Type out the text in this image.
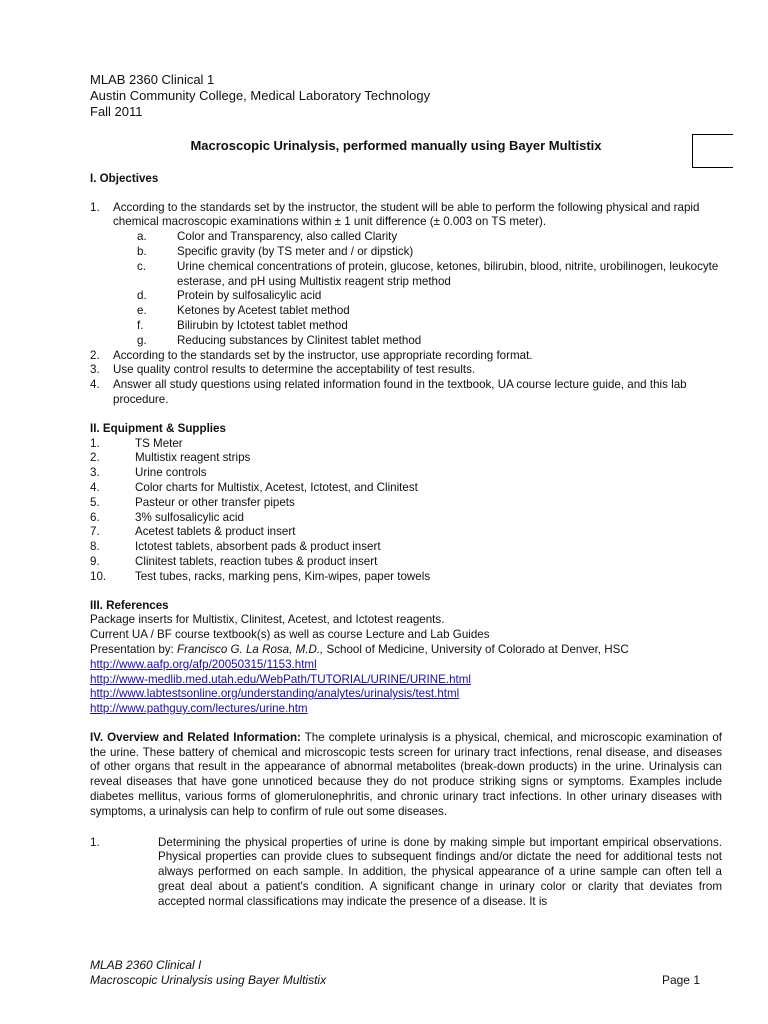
MLAB 2360 Clinical 1
Austin Community College, Medical Laboratory Technology
Fall 2011
Macroscopic Urinalysis, performed manually using Bayer Multistix
I. Objectives
1.	According to the standards set by the instructor, the student will be able to perform the following physical and rapid chemical macroscopic examinations within ± 1 unit difference (± 0.003 on TS meter).
a.	Color and Transparency, also called Clarity
b.	Specific gravity (by TS meter and / or dipstick)
c.	Urine chemical concentrations of protein, glucose, ketones, bilirubin, blood, nitrite, urobilinogen, leukocyte esterase, and pH using Multistix reagent strip method
d.	Protein by sulfosalicylic acid
e.	Ketones by Acetest tablet method
f.	Bilirubin by Ictotest tablet method
g.	Reducing substances by Clinitest tablet method
2.	According to the standards set by the instructor, use appropriate recording format.
3.	Use quality control results to determine the acceptability of test results.
4.	Answer all study questions using related information found in the textbook, UA course lecture guide, and this lab procedure.
II. Equipment & Supplies
1.	TS Meter
2.	Multistix reagent strips
3.	Urine controls
4.	Color charts for Multistix, Acetest, Ictotest, and Clinitest
5.	Pasteur or other transfer pipets
6.	3% sulfosalicylic acid
7.	Acetest tablets & product insert
8.	Ictotest tablets, absorbent pads & product insert
9.	Clinitest tablets, reaction tubes & product insert
10.	Test tubes, racks, marking pens, Kim-wipes, paper towels
III. References
Package inserts for Multistix, Clinitest, Acetest, and Ictotest reagents.
Current UA / BF course textbook(s) as well as course Lecture and Lab Guides
Presentation by: Francisco G. La Rosa, M.D., School of Medicine, University of Colorado at Denver, HSC
http://www.aafp.org/afp/20050315/1153.html
http://www-medlib.med.utah.edu/WebPath/TUTORIAL/URINE/URINE.html
http://www.labtestsonline.org/understanding/analytes/urinalysis/test.html
http://www.pathguy.com/lectures/urine.htm
IV. Overview and Related Information: The complete urinalysis is a physical, chemical, and microscopic examination of the urine. These battery of chemical and microscopic tests screen for urinary tract infections, renal disease, and diseases of other organs that result in the appearance of abnormal metabolites (break-down products) in the urine. Urinalysis can reveal diseases that have gone unnoticed because they do not produce striking signs or symptoms. Examples include diabetes mellitus, various forms of glomerulonephritis, and chronic urinary tract infections. In other urinary diseases with symptoms, a urinalysis can help to confirm of rule out some diseases.
1.	Determining the physical properties of urine is done by making simple but important empirical observations. Physical properties can provide clues to subsequent findings and/or dictate the need for additional tests not always performed on each sample. In addition, the physical appearance of a urine sample can often tell a great deal about a patient's condition. A significant change in urinary color or clarity that deviates from accepted normal classifications may indicate the presence of a disease. It is
MLAB 2360 Clinical I
Macroscopic Urinalysis using Bayer Multistix	Page 1
